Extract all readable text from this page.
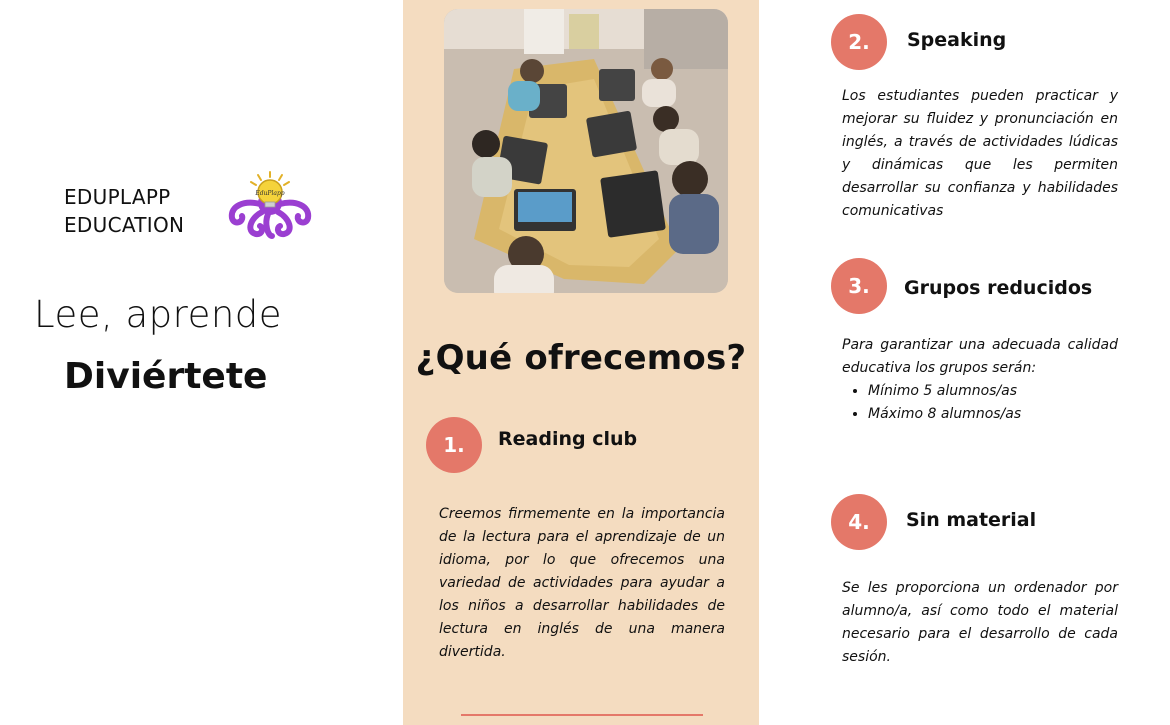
EDUPLAPP
EDUCATION
EduPlapp
Lee, aprende
Diviértete	¿Qué ofrecemos?
1.	Reading club
Creemos firmemente en la importancia de la lectura para el aprendizaje de un idioma, por lo que ofrecemos una variedad de actividades para ayudar a los niños a desarrollar habilidades de lectura en inglés de una manera divertida.
2.	Speaking
Los estudiantes pueden practicar y mejorar su fluidez y pronunciación en inglés, a través de actividades lúdicas y dinámicas que les permiten desarrollar su confianza y habilidades comunicativas
3.	Grupos reducidos
Para garantizar una adecuada calidad educativa los grupos serán:
• Mínimo 5 alumnos/as
• Máximo 8 alumnos/as
4.	Sin material
Se les proporciona un ordenador por alumno/a, así como todo el material necesario para el desarrollo de cada sesión.
